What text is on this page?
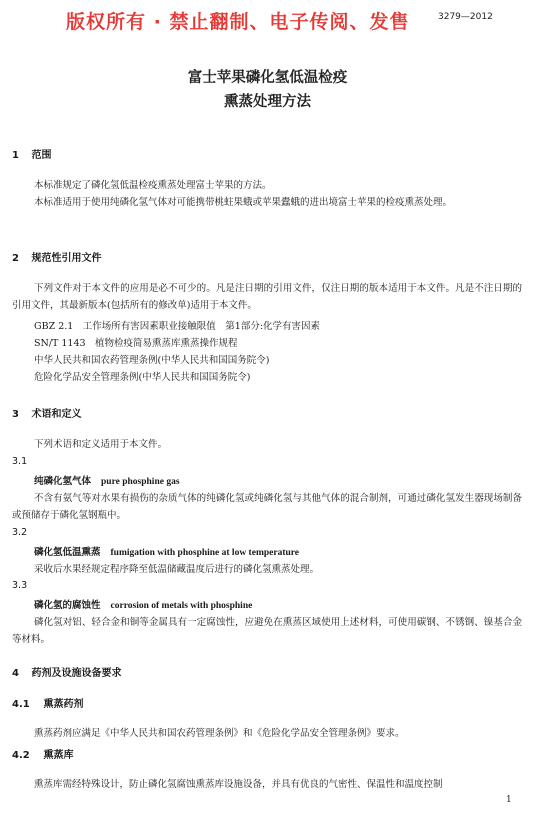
版权所有 · 禁止翻制、电子传阅、发售	3279—2012
富士苹果磷化氢低温检疫
熏蒸处理方法
1 范围
本标准规定了磷化氢低温检疫熏蒸处理富士苹果的方法。
本标准适用于使用纯磷化氢气体对可能携带桃蛀果蛾或苹果蠹蛾的进出境富士苹果的检疫熏蒸处理。
2 规范性引用文件
下列文件对于本文件的应用是必不可少的。凡是注日期的引用文件，仅注日期的版本适用于本文件。凡是不注日期的引用文件，其最新版本(包括所有的修改单)适用于本文件。
GBZ 2.1　工作场所有害因素职业接触限值　第1部分:化学有害因素
SN/T 1143　植物检疫简易熏蒸库熏蒸操作规程
中华人民共和国农药管理条例(中华人民共和国国务院令)
危险化学品安全管理条例(中华人民共和国国务院令)
3 术语和定义
下列术语和定义适用于本文件。
3.1
纯磷化氢气体 pure phosphine gas
不含有氨气等对水果有损伤的杂质气体的纯磷化氢或纯磷化氢与其他气体的混合制剂，可通过磷化氢发生器现场制备或预储存于磷化氢钢瓶中。
3.2
磷化氢低温熏蒸 fumigation with phosphine at low temperature
采收后水果经规定程序降至低温储藏温度后进行的磷化氢熏蒸处理。
3.3
磷化氢的腐蚀性 corrosion of metals with phosphine
磷化氢对铝、轻合金和铜等金属具有一定腐蚀性，应避免在熏蒸区域使用上述材料，可使用碳钢、不锈钢、镍基合金等材料。
4 药剂及设施设备要求
4.1 熏蒸药剂
熏蒸药剂应满足《中华人民共和国农药管理条例》和《危险化学品安全管理条例》要求。
4.2 熏蒸库
熏蒸库需经特殊设计，防止磷化氢腐蚀熏蒸库设施设备，并具有优良的气密性、保温性和温度控制
1
